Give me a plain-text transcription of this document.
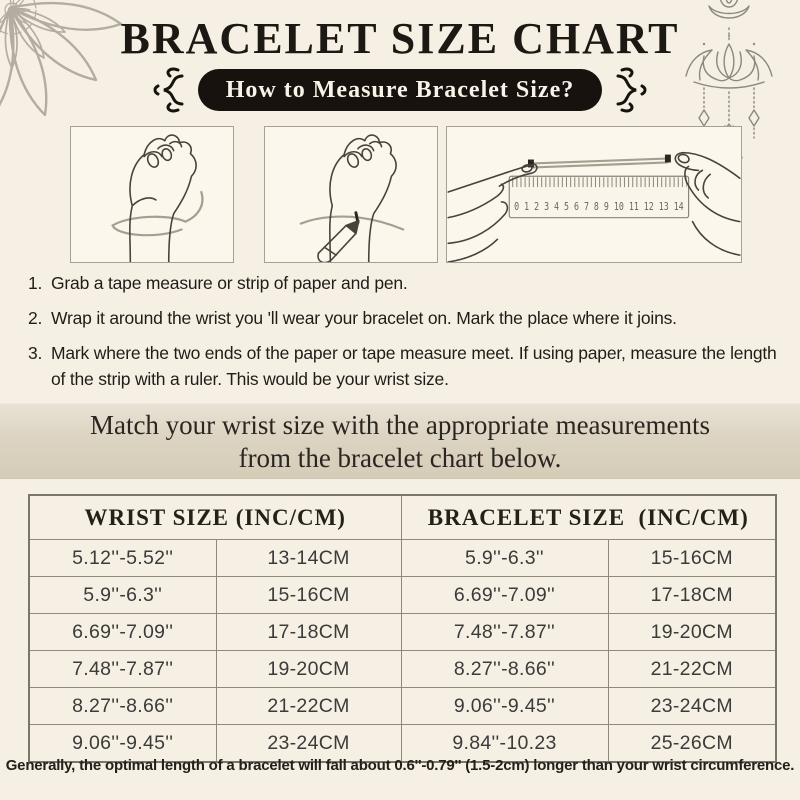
BRACELET SIZE CHART
How to Measure Bracelet Size?
0 1 2 3 4 5 6 7 8 9 10 11 12 13 14

1. Grab a tape measure or strip of paper and pen.

2. Wrap it around the wrist you 'll wear your bracelet on. Mark the place where it joins.

3. Mark where the two ends of the paper or tape measure meet. If using paper, measure the length of the strip with a ruler. This would be your wrist size.

Match your wrist size with the appropriate measurements
from the bracelet chart below.
WRIST SIZE (INC/CM)		BRACELET SIZE  (INC/CM)	
5.12''-5.52''	13-14CM	5.9''-6.3''	15-16CM
5.9''-6.3''	15-16CM	6.69''-7.09''	17-18CM
6.69''-7.09''	17-18CM	7.48''-7.87''	19-20CM
7.48''-7.87''	19-20CM	8.27''-8.66''	21-22CM
8.27''-8.66''	21-22CM	9.06''-9.45''	23-24CM
9.06''-9.45''	23-24CM	9.84''-10.23	25-26CM
Generally, the optimal length of a bracelet will fall about 0.6''-0.79'' (1.5-2cm) longer than your wrist circumference.
